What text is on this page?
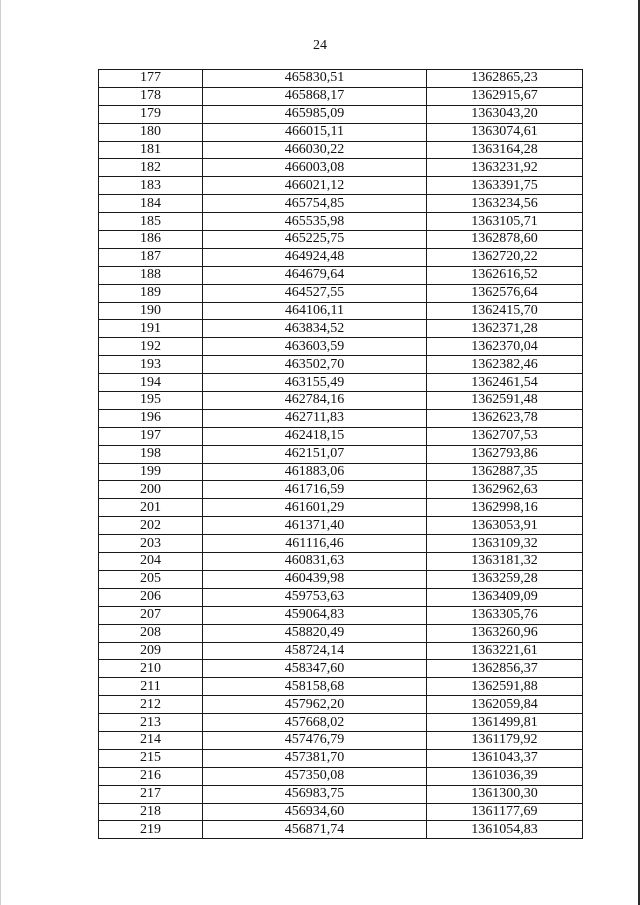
24
177	465830,51	1362865,23
178	465868,17	1362915,67
179	465985,09	1363043,20
180	466015,11	1363074,61
181	466030,22	1363164,28
182	466003,08	1363231,92
183	466021,12	1363391,75
184	465754,85	1363234,56
185	465535,98	1363105,71
186	465225,75	1362878,60
187	464924,48	1362720,22
188	464679,64	1362616,52
189	464527,55	1362576,64
190	464106,11	1362415,70
191	463834,52	1362371,28
192	463603,59	1362370,04
193	463502,70	1362382,46
194	463155,49	1362461,54
195	462784,16	1362591,48
196	462711,83	1362623,78
197	462418,15	1362707,53
198	462151,07	1362793,86
199	461883,06	1362887,35
200	461716,59	1362962,63
201	461601,29	1362998,16
202	461371,40	1363053,91
203	461116,46	1363109,32
204	460831,63	1363181,32
205	460439,98	1363259,28
206	459753,63	1363409,09
207	459064,83	1363305,76
208	458820,49	1363260,96
209	458724,14	1363221,61
210	458347,60	1362856,37
211	458158,68	1362591,88
212	457962,20	1362059,84
213	457668,02	1361499,81
214	457476,79	1361179,92
215	457381,70	1361043,37
216	457350,08	1361036,39
217	456983,75	1361300,30
218	456934,60	1361177,69
219	456871,74	1361054,83
